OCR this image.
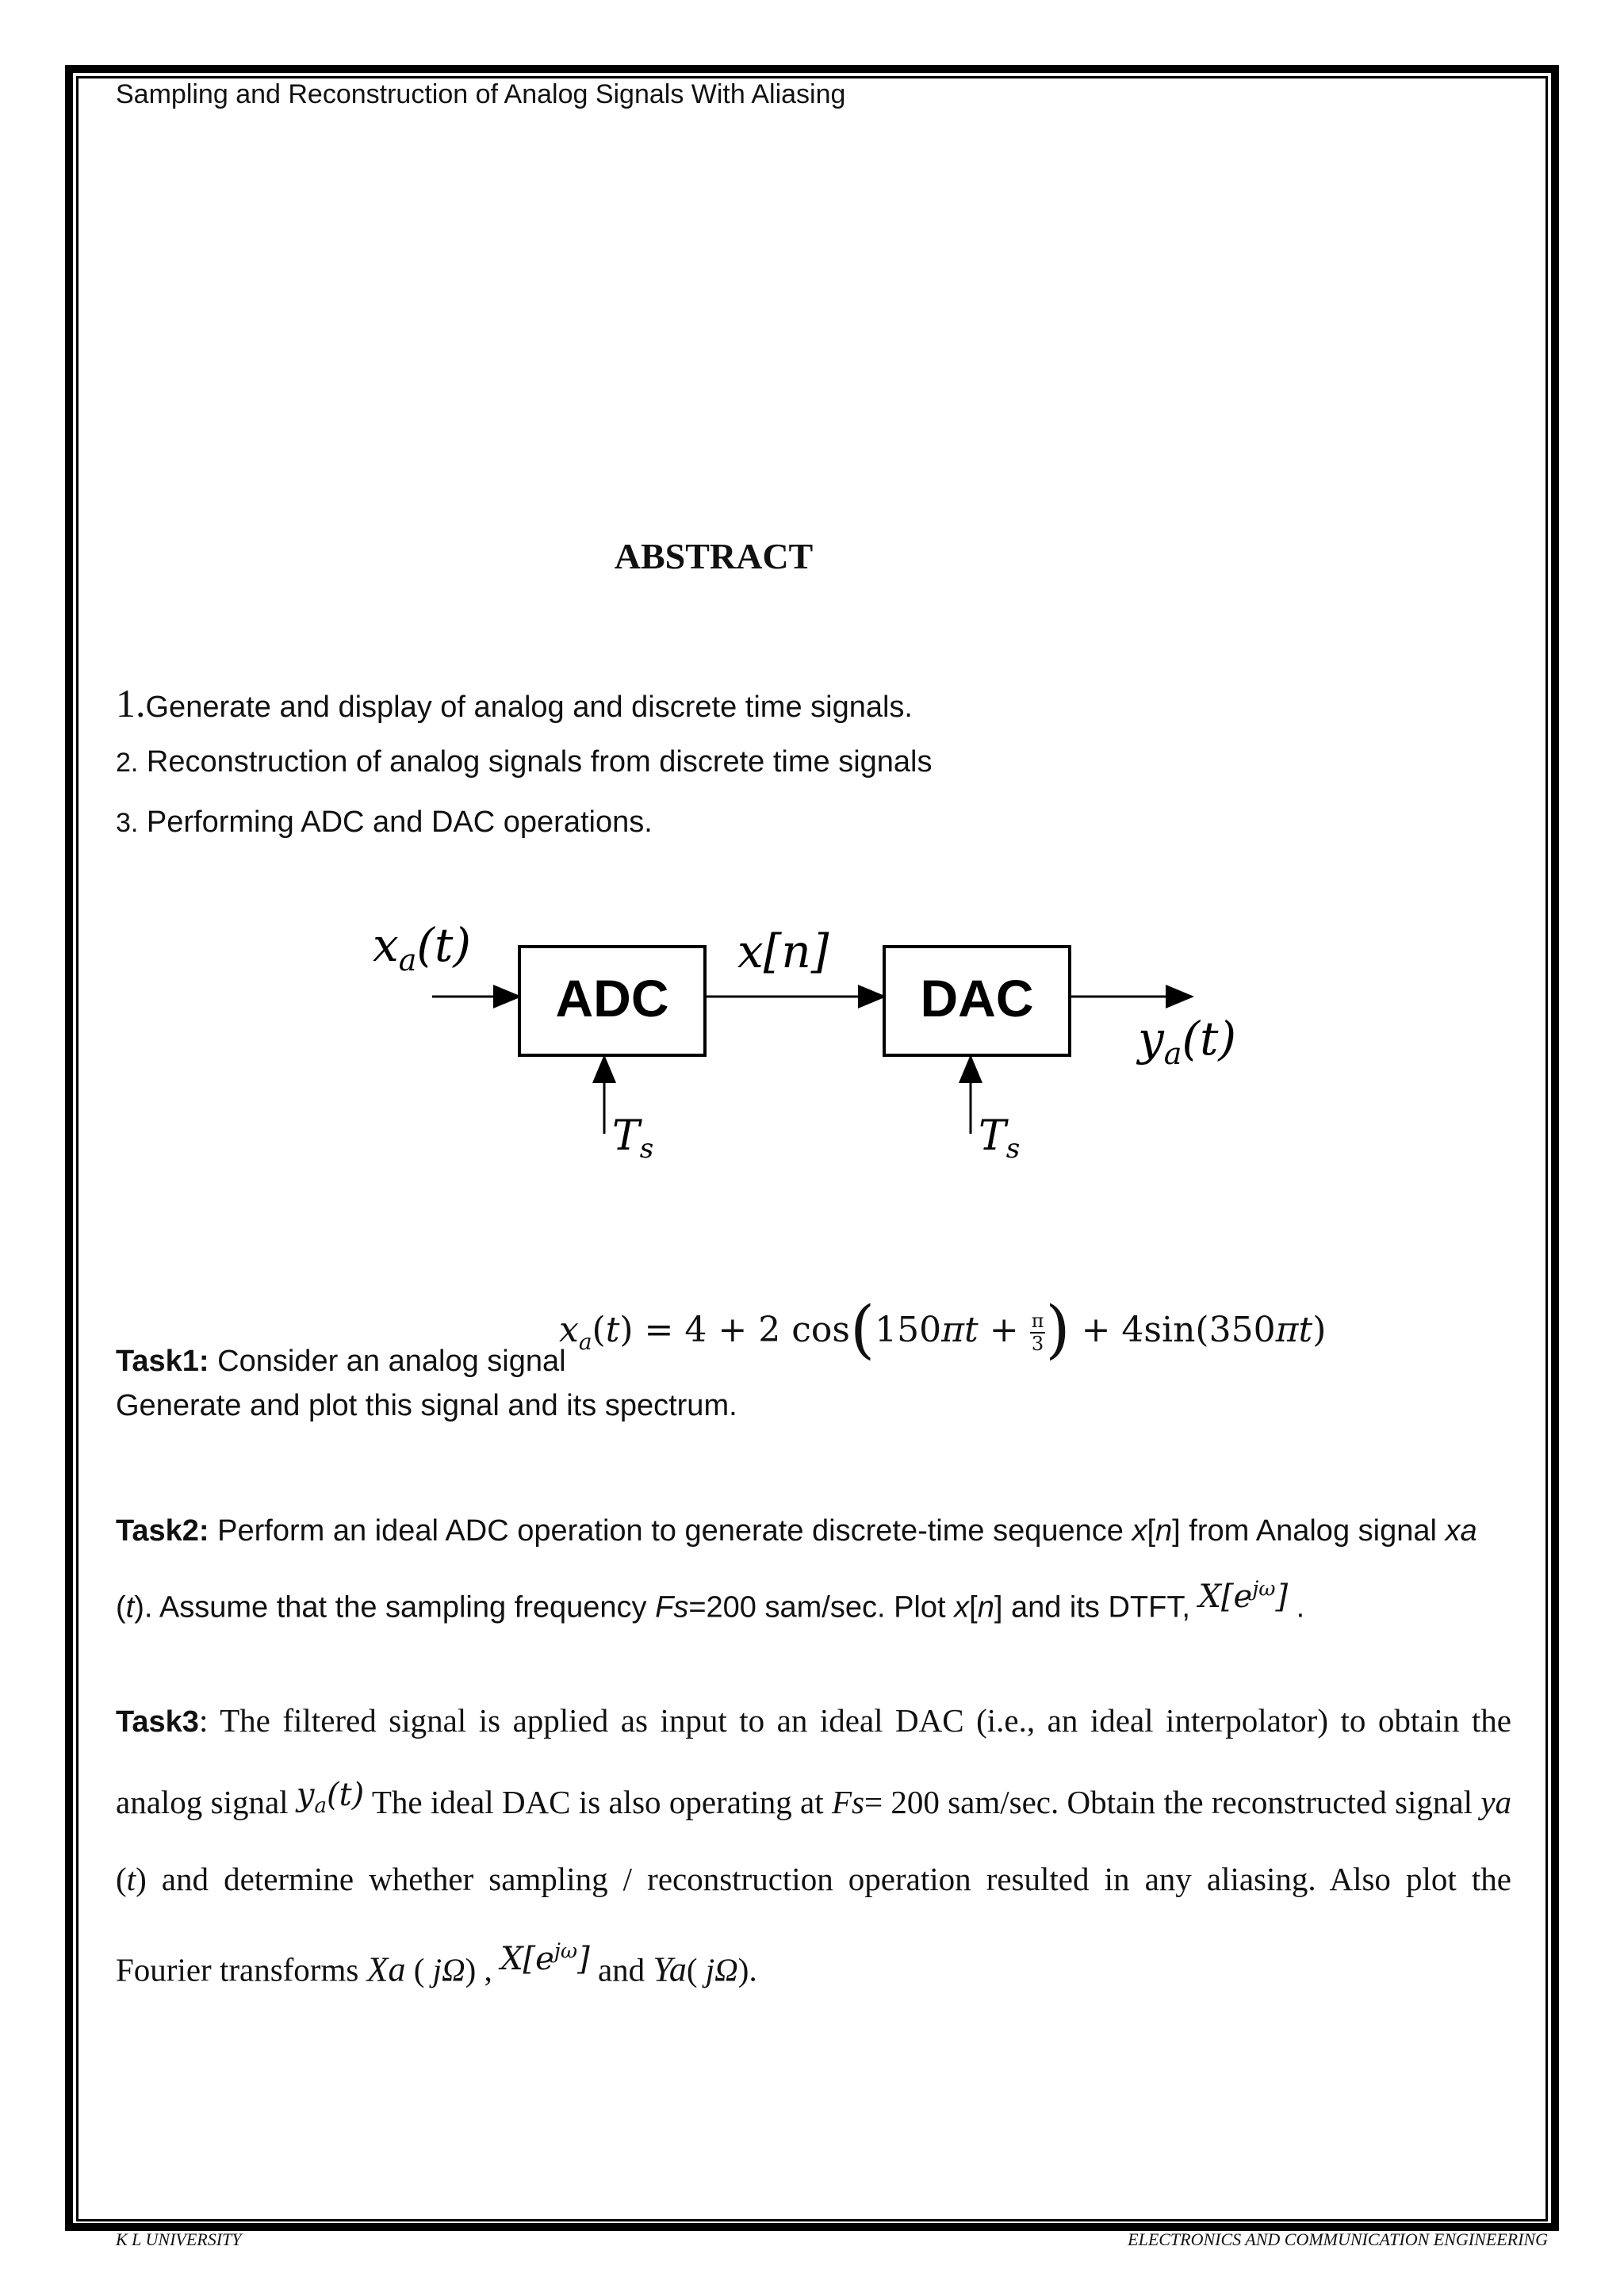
Sampling and Reconstruction of Analog Signals With Aliasing
ABSTRACT
1.Generate and display of analog and discrete time signals.
2. Reconstruction of analog signals from discrete time signals
3. Performing ADC and DAC operations.
$x_a(t)$
ADC
x[n]
DAC
$y_a(t)$
Ts	Ts
$x_a(t) = 4 + 2$ $\cos(150\pi t + \frac{\pi}{3}$ ) + 4sin(350πt)
Task1: Consider an analog signal
Generate and plot this signal and its spectrum.
Task2: Perform an ideal ADC operation to generate discrete-time sequence x[n] from Analog signal xa
(t). Assume that the sampling frequency Fs=200 sam/sec. Plot x[n] and its DTFT, $X[e^{j\omega}]$ .
Task3: The filtered signal is applied as input to an ideal DAC (i.e., an ideal interpolator) to obtain the analog signal $y_a(t)$ The ideal DAC is also operating at Fs= 200 sam/sec. Obtain the reconstructed signal ya (t) and determine whether sampling / reconstruction operation resulted in any aliasing. Also plot the Fourier transforms Xa ( jΩ) , $X[e^{j\omega}]$ and Ya( jΩ).
K L UNIVERSITY	ELECTRONICS AND COMMUNICATION ENGINEERING
